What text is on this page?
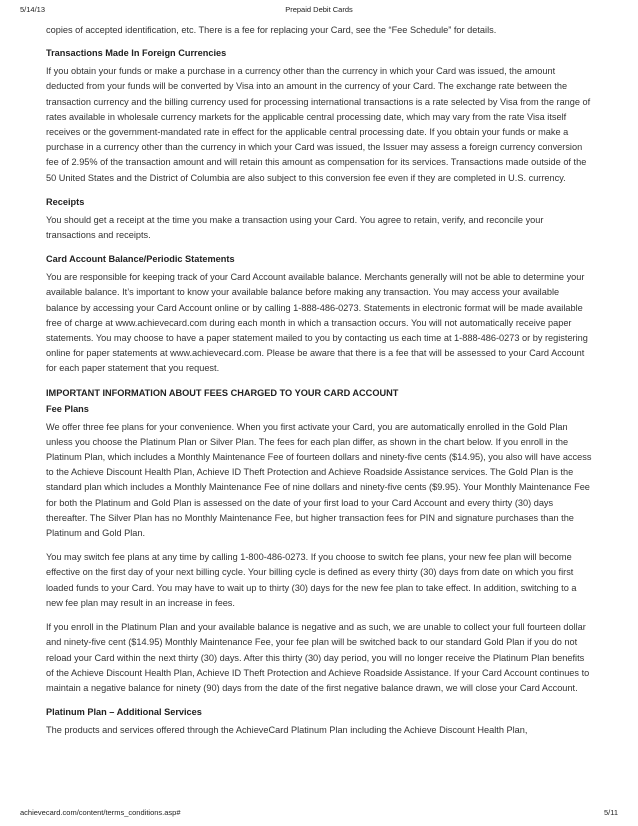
5/14/13	Prepaid Debit Cards

copies of accepted identification, etc. There is a fee for replacing your Card, see the “Fee Schedule” for details.

Transactions Made In Foreign Currencies

If you obtain your funds or make a purchase in a currency other than the currency in which your Card was issued, the amount deducted from your funds will be converted by Visa into an amount in the currency of your Card. The exchange rate between the transaction currency and the billing currency used for processing international transactions is a rate selected by Visa from the range of rates available in wholesale currency markets for the applicable central processing date, which may vary from the rate Visa itself receives or the government-mandated rate in effect for the applicable central processing date. If you obtain your funds or make a purchase in a currency other than the currency in which your Card was issued, the Issuer may assess a foreign currency conversion fee of 2.95% of the transaction amount and will retain this amount as compensation for its services. Transactions made outside of the 50 United States and the District of Columbia are also subject to this conversion fee even if they are completed in U.S. currency.

Receipts

You should get a receipt at the time you make a transaction using your Card. You agree to retain, verify, and reconcile your transactions and receipts.

Card Account Balance/Periodic Statements

You are responsible for keeping track of your Card Account available balance. Merchants generally will not be able to determine your available balance. It’s important to know your available balance before making any transaction. You may access your available balance by accessing your Card Account online or by calling 1-888-486-0273. Statements in electronic format will be made available free of charge at www.achievecard.com during each month in which a transaction occurs. You will not automatically receive paper statements. You may choose to have a paper statement mailed to you by contacting us each time at 1-888-486-0273 or by registering online for paper statements at www.achievecard.com. Please be aware that there is a fee that will be assessed to your Card Account for each paper statement that you request.

IMPORTANT INFORMATION ABOUT FEES CHARGED TO YOUR CARD ACCOUNT
Fee Plans

We offer three fee plans for your convenience. When you first activate your Card, you are automatically enrolled in the Gold Plan unless you choose the Platinum Plan or Silver Plan. The fees for each plan differ, as shown in the chart below. If you enroll in the Platinum Plan, which includes a Monthly Maintenance Fee of fourteen dollars and ninety-five cents ($14.95), you also will have access to the Achieve Discount Health Plan, Achieve ID Theft Protection and Achieve Roadside Assistance services. The Gold Plan is the standard plan which includes a Monthly Maintenance Fee of nine dollars and ninety-five cents ($9.95). Your Monthly Maintenance Fee for both the Platinum and Gold Plan is assessed on the date of your first load to your Card Account and every thirty (30) days thereafter. The Silver Plan has no Monthly Maintenance Fee, but higher transaction fees for PIN and signature purchases than the Platinum and Gold Plan.

You may switch fee plans at any time by calling 1-800-486-0273. If you choose to switch fee plans, your new fee plan will become effective on the first day of your next billing cycle. Your billing cycle is defined as every thirty (30) days from date on which you first loaded funds to your Card. You may have to wait up to thirty (30) days for the new fee plan to take effect. In addition, switching to a new fee plan may result in an increase in fees.

If you enroll in the Platinum Plan and your available balance is negative and as such, we are unable to collect your full fourteen dollar and ninety-five cent ($14.95) Monthly Maintenance Fee, your fee plan will be switched back to our standard Gold Plan if you do not reload your Card within the next thirty (30) days. After this thirty (30) day period, you will no longer receive the Platinum Plan benefits of the Achieve Discount Health Plan, Achieve ID Theft Protection and Achieve Roadside Assistance. If your Card Account continues to maintain a negative balance for ninety (90) days from the date of the first negative balance drawn, we will close your Card Account.

Platinum Plan – Additional Services

The products and services offered through the AchieveCard Platinum Plan including the Achieve Discount Health Plan,

achievecard.com/content/terms_conditions.asp#	5/11
